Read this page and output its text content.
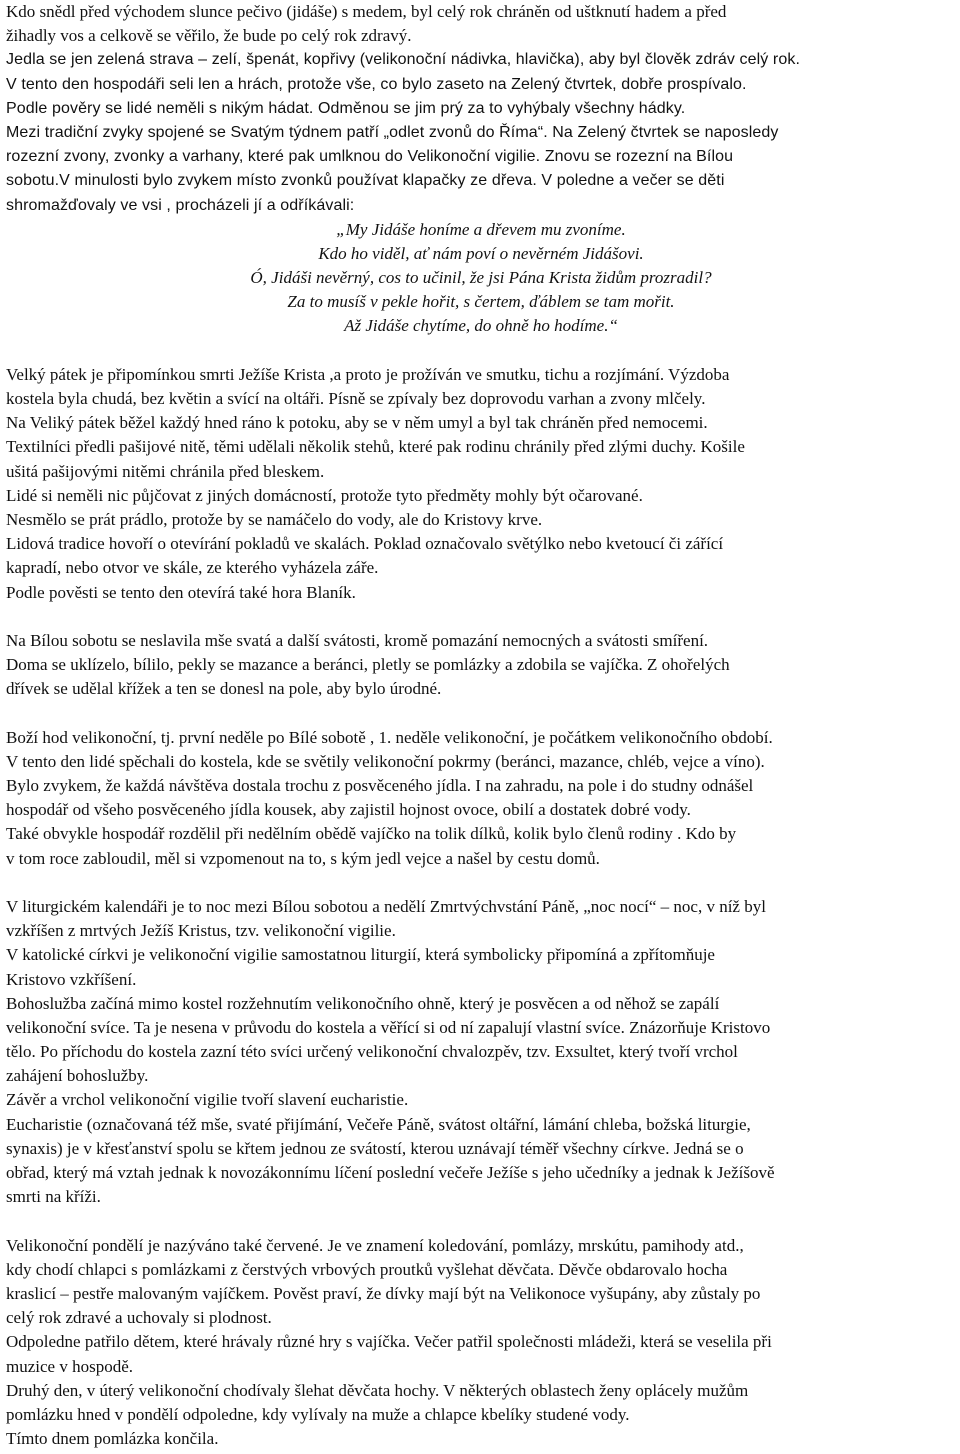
Kdo snědl před východem slunce pečivo (jidáše) s medem, byl celý rok chráněn od uštknutí hadem a před
žihadly vos a celkově se věřilo, že bude po celý rok zdravý.
Jedla se jen zelená strava – zelí, špenát, kopřivy (velikonoční nádivka, hlavička), aby byl člověk zdráv celý rok.
V tento den hospodáři seli len a hrách, protože vše, co bylo zaseto na Zelený čtvrtek, dobře prospívalo.
Podle pověry se lidé neměli s nikým hádat. Odměnou se jim prý za to vyhýbaly všechny hádky.
Mezi tradiční zvyky spojené se Svatým týdnem patří „odlet zvonů do Říma“. Na Zelený čtvrtek se naposledy
rozezní zvony, zvonky a varhany, které pak umlknou do Velikonoční vigilie. Znovu se rozezní na Bílou
sobotu.V minulosti bylo zvykem místo zvonků používat klapačky ze dřeva. V poledne a večer se děti
shromažďovaly ve vsi , procházeli jí a odříkávali:
„My Jidáše honíme a dřevem mu zvoníme.
Kdo ho viděl, ať nám poví o nevěrném Jidášovi.
Ó, Jidáši nevěrný, cos to učinil, že jsi Pána Krista židům prozradil?
Za to musíš v pekle hořit, s čertem, ďáblem se tam mořit.
Až Jidáše chytíme, do ohně ho hodíme.“
Velký pátek je připomínkou smrti Ježíše Krista ,a proto je prožíván ve smutku, tichu a rozjímání. Výzdoba
kostela byla chudá, bez květin a svící na oltáři. Písně se zpívaly bez doprovodu varhan a zvony mlčely.
Na Veliký pátek běžel každý hned ráno k potoku, aby se v něm umyl a byl tak chráněn před nemocemi.
Textilníci předli pašijové nitě, těmi udělali několik stehů, které pak rodinu chránily před zlými duchy. Košile
ušitá pašijovými nitěmi chránila před bleskem.
Lidé si neměli nic půjčovat z jiných domácností, protože tyto předměty mohly být očarované.
Nesmělo se prát prádlo, protože by se namáčelo do vody, ale do Kristovy krve.
Lidová tradice hovoří o otevírání pokladů ve skalách. Poklad označovalo světýlko nebo kvetoucí či zářící
kapradí, nebo otvor ve skále, ze kterého vyházela záře.
Podle pověsti se tento den otevírá také hora Blaník.
Na Bílou sobotu se neslavila mše svatá a další svátosti, kromě pomazání nemocných a svátosti smíření.
Doma se uklízelo, bílilo, pekly se mazance a beránci, pletly se pomlázky a zdobila se vajíčka. Z ohořelých
dřívek se udělal křížek a ten se donesl na pole, aby bylo úrodné.
Boží hod velikonoční, tj. první neděle po Bílé sobotě , 1. neděle velikonoční, je počátkem velikonočního období.
V tento den lidé spěchali do kostela, kde se světily velikonoční pokrmy (beránci, mazance, chléb, vejce a víno).
Bylo zvykem, že každá návštěva dostala trochu z posvěceného jídla. I na zahradu, na pole i do studny odnášel
hospodář od všeho posvěceného jídla kousek, aby zajistil hojnost ovoce, obilí a dostatek dobré vody.
Také obvykle hospodář rozdělil při nedělním obědě vajíčko na tolik dílků, kolik bylo členů rodiny . Kdo by
v tom roce zabloudil, měl si vzpomenout na to, s kým jedl vejce a našel by cestu domů.
V liturgickém kalendáři je to noc mezi Bílou sobotou a nedělí Zmrtvýchvstání Páně, „noc nocí“ – noc, v níž byl
vzkříšen z mrtvých Ježíš Kristus, tzv. velikonoční vigilie.
V katolické církvi je velikonoční vigilie samostatnou liturgií, která symbolicky připomíná a zpřítomňuje
Kristovo vzkříšení.
Bohoslužba začíná mimo kostel rozžehnutím velikonočního ohně, který je posvěcen a od něhož se zapálí
velikonoční svíce. Ta je nesena v průvodu do kostela a věřící si od ní zapalují vlastní svíce. Znázorňuje Kristovo
tělo. Po příchodu do kostela zazní této svíci určený velikonoční chvalozpěv, tzv. Exsultet, který tvoří vrchol
zahájení bohoslužby.
Závěr a vrchol velikonoční vigilie tvoří slavení eucharistie.
Eucharistie (označovaná též mše, svaté přijímání, Večeře Páně, svátost oltářní, lámání chleba, božská liturgie,
synaxis) je v křesťanství spolu se křtem jednou ze svátostí, kterou uznávají téměř všechny církve. Jedná se o
obřad, který má vztah jednak k novozákonnímu líčení poslední večeře Ježíše s jeho učedníky a jednak k Ježíšově
smrti na kříži.
Velikonoční pondělí je nazýváno také červené. Je ve znamení koledování, pomlázy, mrskútu, pamihody atd.,
kdy chodí chlapci s pomlázkami z čerstvých vrbových proutků vyšlehat děvčata. Děvče obdarovalo hocha
kraslicí – pestře malovaným vajíčkem. Pověst praví, že dívky mají být na Velikonoce vyšupány, aby zůstaly po
celý rok zdravé a uchovaly si plodnost.
Odpoledne patřilo dětem, které hrávaly různé hry s vajíčka. Večer patřil společnosti mládeži, která se veselila při
muzice v hospodě.
Druhý den, v úterý velikonoční chodívaly šlehat děvčata hochy. V některých oblastech ženy oplácely mužům
pomlázku hned v pondělí odpoledne, kdy vylívaly na muže a chlapce kbelíky studené vody.
Tímto dnem pomlázka končila.
